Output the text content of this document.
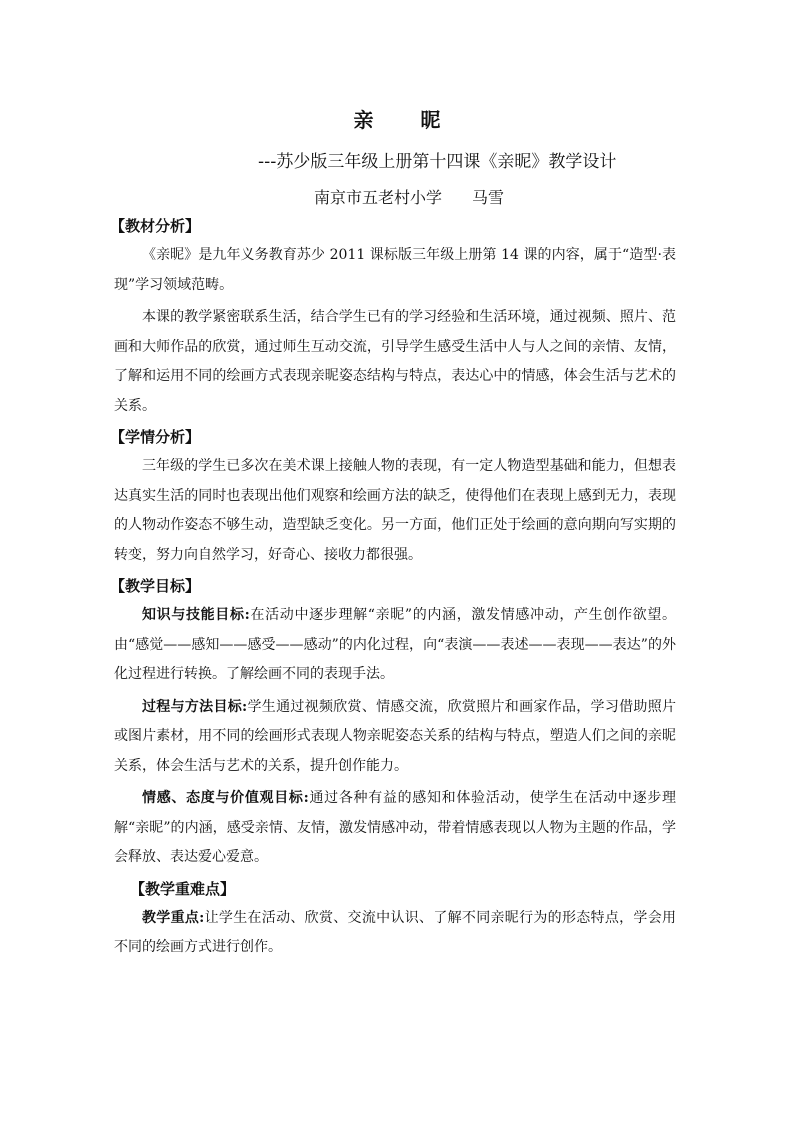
亲 昵
---苏少版三年级上册第十四课《亲昵》教学设计
南京市五老村小学 马雪
【教材分析】

《亲昵》是九年义务教育苏少 2011 课标版三年级上册第 14 课的内容，属于“造型·表现”学习领域范畴。

本课的教学紧密联系生活，结合学生已有的学习经验和生活环境，通过视频、照片、范画和大师作品的欣赏，通过师生互动交流，引导学生感受生活中人与人之间的亲情、友情，了解和运用不同的绘画方式表现亲昵姿态结构与特点，表达心中的情感，体会生活与艺术的关系。

【学情分析】

三年级的学生已多次在美术课上接触人物的表现，有一定人物造型基础和能力，但想表达真实生活的同时也表现出他们观察和绘画方法的缺乏，使得他们在表现上感到无力，表现的人物动作姿态不够生动，造型缺乏变化。另一方面，他们正处于绘画的意向期向写实期的转变，努力向自然学习，好奇心、接收力都很强。

【教学目标】

知识与技能目标:在活动中逐步理解“亲昵”的内涵，激发情感冲动，产生创作欲望。由“感觉——感知——感受——感动”的内化过程，向“表演——表述——表现——表达”的外化过程进行转换。了解绘画不同的表现手法。

过程与方法目标:学生通过视频欣赏、情感交流，欣赏照片和画家作品，学习借助照片或图片素材，用不同的绘画形式表现人物亲昵姿态关系的结构与特点，塑造人们之间的亲昵关系，体会生活与艺术的关系，提升创作能力。

情感、态度与价值观目标:通过各种有益的感知和体验活动，使学生在活动中逐步理解“亲昵”的内涵，感受亲情、友情，激发情感冲动，带着情感表现以人物为主题的作品，学会释放、表达爱心爱意。

【教学重难点】

教学重点:让学生在活动、欣赏、交流中认识、了解不同亲昵行为的形态特点，学会用不同的绘画方式进行创作。
